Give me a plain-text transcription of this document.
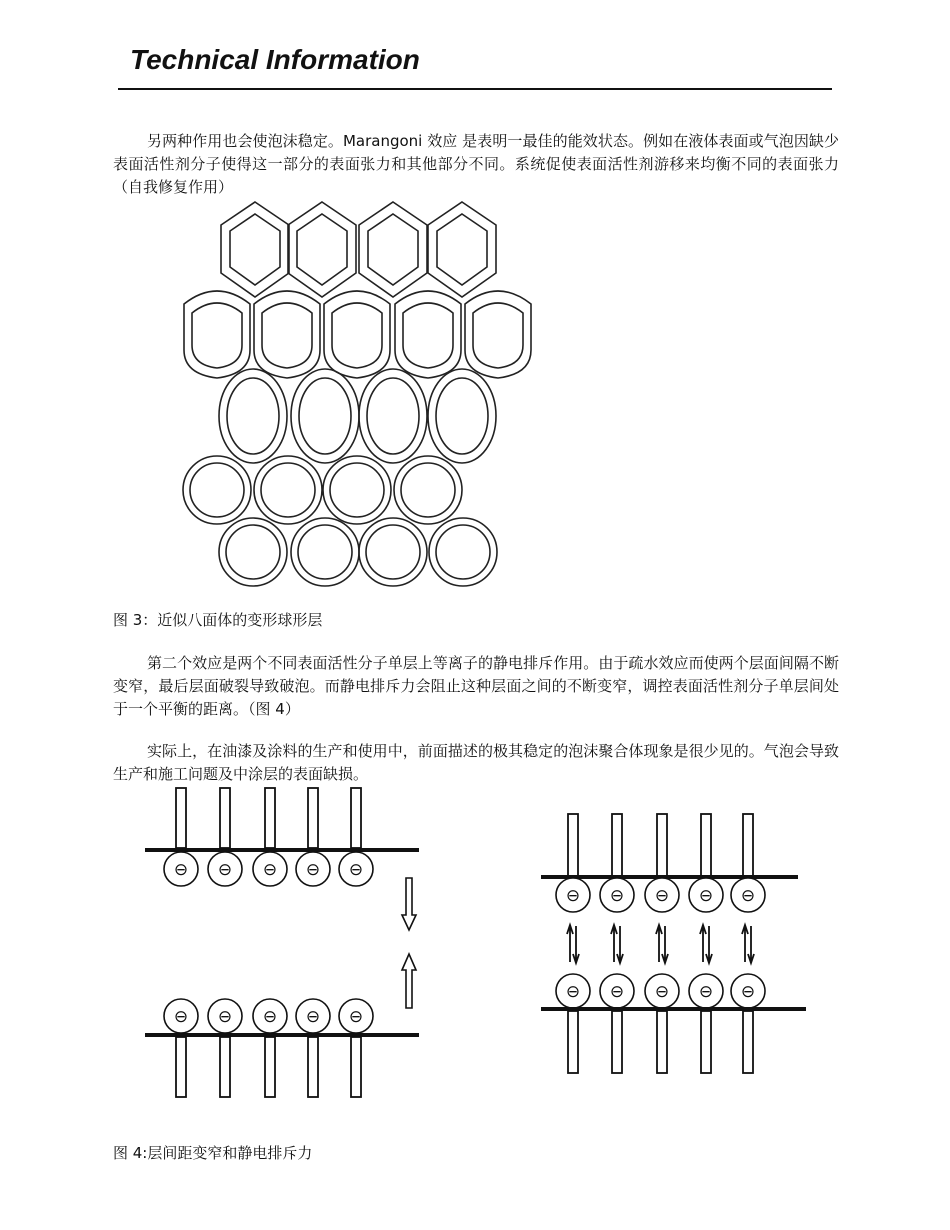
Technical Information

另两种作用也会使泡沫稳定。Marangoni 效应 是表明一最佳的能效状态。例如在液体表面或气泡因缺少表面活性剂分子使得这一部分的表面张力和其他部分不同。系统促使表面活性剂游移来均衡不同的表面张力（自我修复作用）

图 3：近似八面体的变形球形层

第二个效应是两个不同表面活性分子单层上等离子的静电排斥作用。由于疏水效应而使两个层面间隔不断变窄，最后层面破裂导致破泡。而静电排斥力会阻止这种层面之间的不断变窄，调控表面活性剂分子单层间处于一个平衡的距离。（图 4）

实际上，在油漆及涂料的生产和使用中，前面描述的极其稳定的泡沫聚合体现象是很少见的。气泡会导致生产和施工问题及中涂层的表面缺损。

⊖ ⊖ ⊖ ⊖ ⊖
⊖ ⊖ ⊖ ⊖ ⊖
⊖ ⊖ ⊖ ⊖ ⊖
⊖ ⊖ ⊖ ⊖ ⊖

图 4:层间距变窄和静电排斥力
